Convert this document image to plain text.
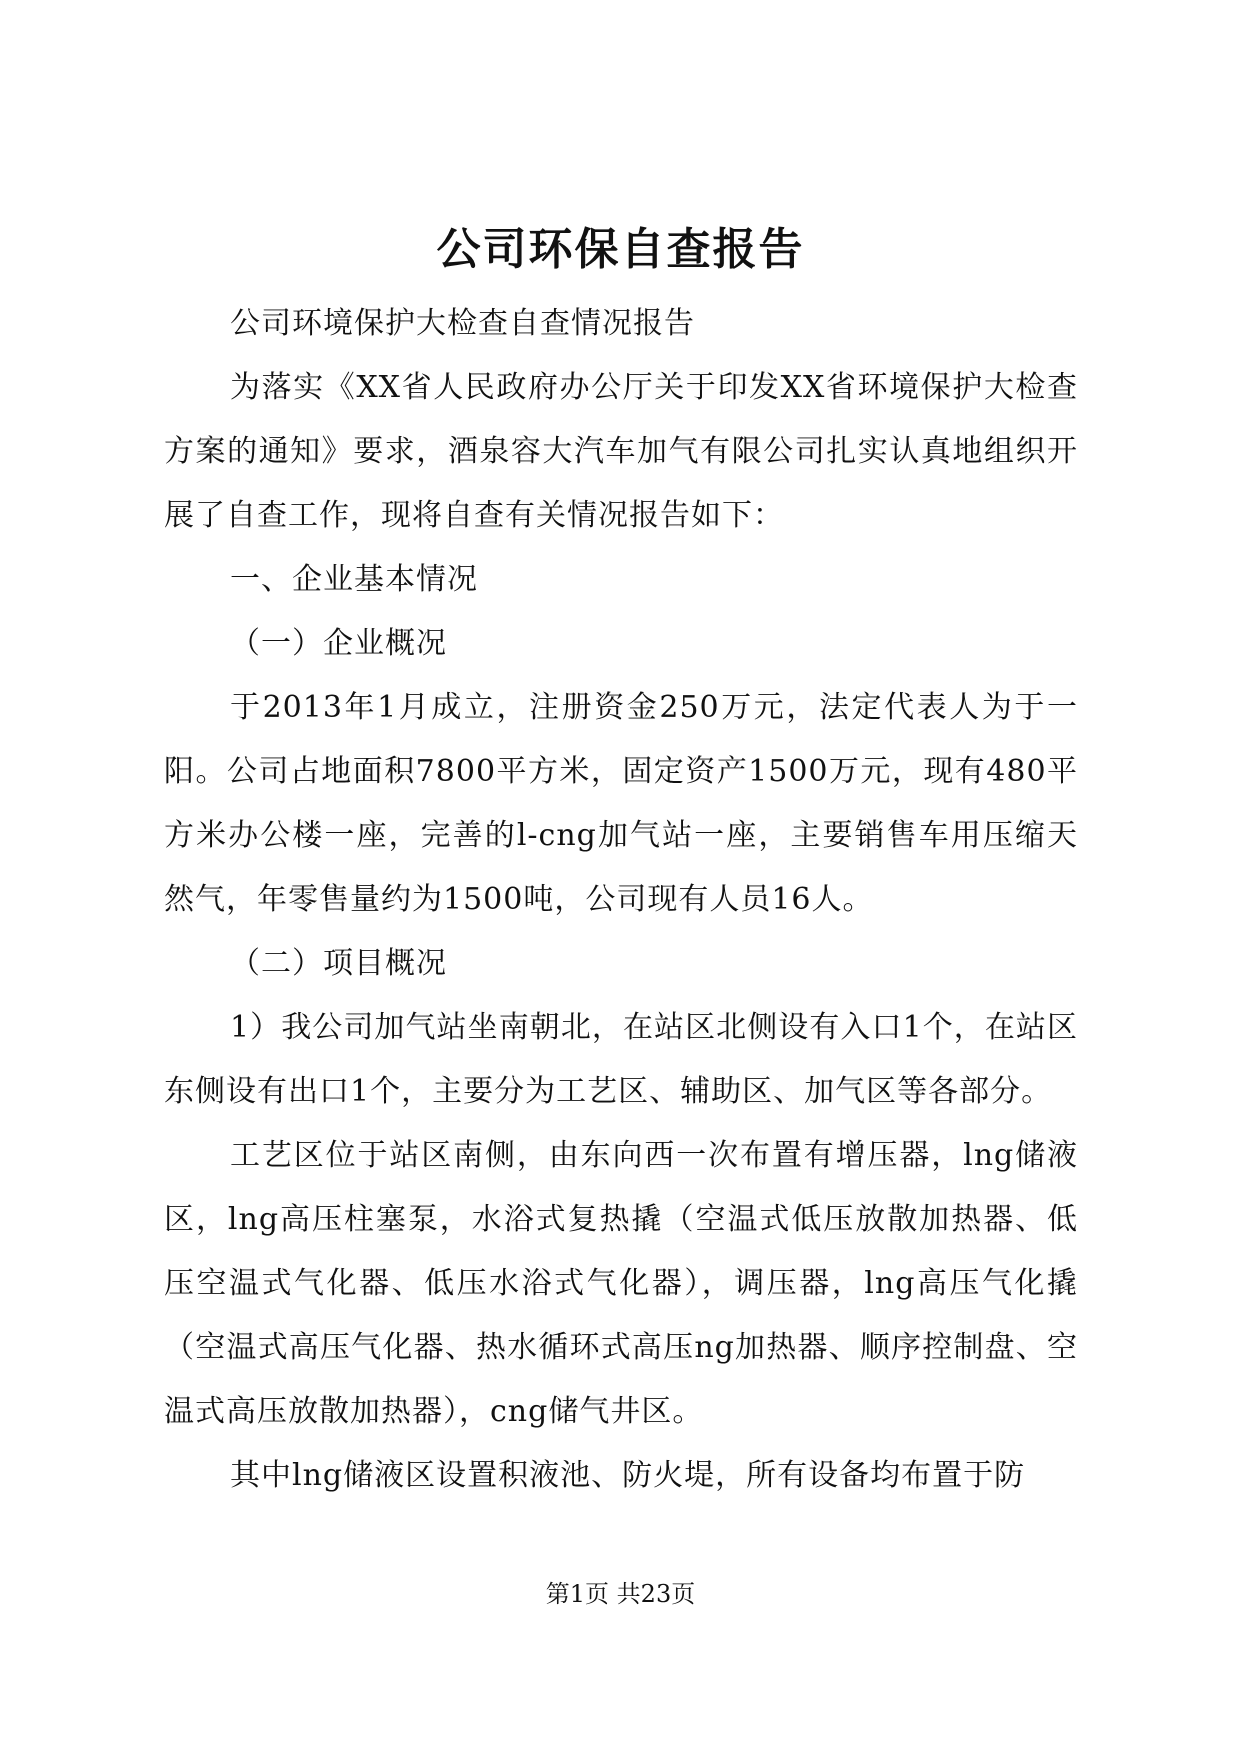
公司环保自查报告

公司环境保护大检查自查情况报告

为落实《XX省人民政府办公厅关于印发XX省环境保护大检查方案的通知》要求，酒泉容大汽车加气有限公司扎实认真地组织开展了自查工作，现将自查有关情况报告如下：

一、企业基本情况

（一）企业概况

于2013年1月成立，注册资金250万元，法定代表人为于一阳。公司占地面积7800平方米，固定资产1500万元，现有480平方米办公楼一座，完善的l-cng加气站一座，主要销售车用压缩天然气，年零售量约为1500吨，公司现有人员16人。

（二）项目概况

1）我公司加气站坐南朝北，在站区北侧设有入口1个，在站区东侧设有出口1个，主要分为工艺区、辅助区、加气区等各部分。

工艺区位于站区南侧，由东向西一次布置有增压器，lng储液区，lng高压柱塞泵，水浴式复热撬（空温式低压放散加热器、低压空温式气化器、低压水浴式气化器），调压器，lng高压气化撬（空温式高压气化器、热水循环式高压ng加热器、顺序控制盘、空温式高压放散加热器），cng储气井区。

其中lng储液区设置积液池、防火堤，所有设备均布置于防

第1页 共23页
